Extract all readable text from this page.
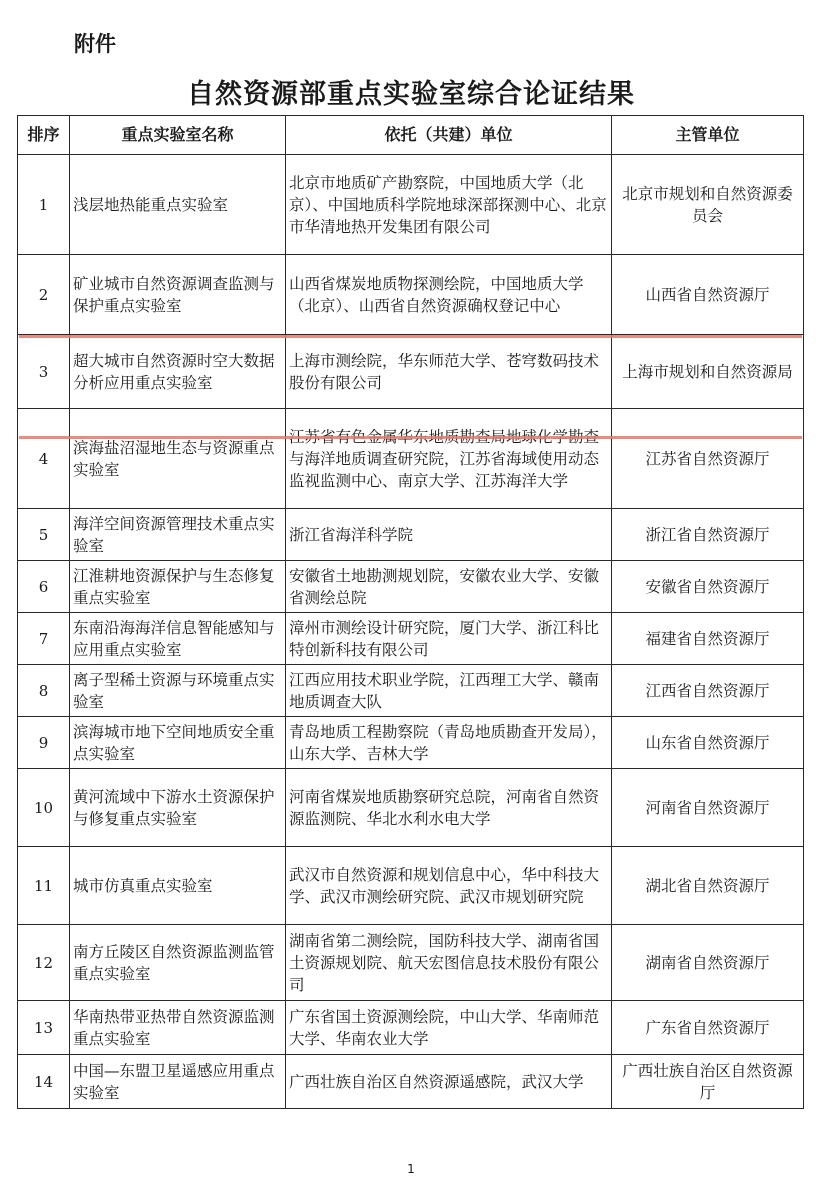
附件
自然资源部重点实验室综合论证结果
排序	重点实验室名称	依托（共建）单位	主管单位
1	浅层地热能重点实验室	北京市地质矿产勘察院，中国地质大学（北京）、中国地质科学院地球深部探测中心、北京市华清地热开发集团有限公司	北京市规划和自然资源委员会
2	矿业城市自然资源调查监测与保护重点实验室	山西省煤炭地质物探测绘院，中国地质大学（北京）、山西省自然资源确权登记中心	山西省自然资源厅
3	超大城市自然资源时空大数据分析应用重点实验室	上海市测绘院，华东师范大学、苍穹数码技术股份有限公司	上海市规划和自然资源局
4	滨海盐沼湿地生态与资源重点实验室	与海洋地质调查研究院，江苏省海域使用动态监视监测中心、南京大学、江苏海洋大学	江苏省自然资源厅
5	海洋空间资源管理技术重点实验室	浙江省海洋科学院	浙江省自然资源厅
6	江淮耕地资源保护与生态修复重点实验室	安徽省土地勘测规划院，安徽农业大学、安徽省测绘总院	安徽省自然资源厅
7	东南沿海海洋信息智能感知与应用重点实验室	漳州市测绘设计研究院，厦门大学、浙江科比特创新科技有限公司	福建省自然资源厅
8	离子型稀土资源与环境重点实验室	江西应用技术职业学院，江西理工大学、赣南地质调查大队	江西省自然资源厅
9	滨海城市地下空间地质安全重点实验室	青岛地质工程勘察院（青岛地质勘查开发局），山东大学、吉林大学	山东省自然资源厅
10	黄河流域中下游水土资源保护与修复重点实验室	河南省煤炭地质勘察研究总院，河南省自然资源监测院、华北水利水电大学	河南省自然资源厅
11	城市仿真重点实验室	武汉市自然资源和规划信息中心，华中科技大学、武汉市测绘研究院、武汉市规划研究院	湖北省自然资源厅
12	南方丘陵区自然资源监测监管重点实验室	湖南省第二测绘院，国防科技大学、湖南省国土资源规划院、航天宏图信息技术股份有限公司	湖南省自然资源厅
13	华南热带亚热带自然资源监测重点实验室	广东省国土资源测绘院，中山大学、华南师范大学、华南农业大学	广东省自然资源厅
14	中国—东盟卫星遥感应用重点实验室	广西壮族自治区自然资源遥感院，武汉大学	广西壮族自治区自然资源厅
1
